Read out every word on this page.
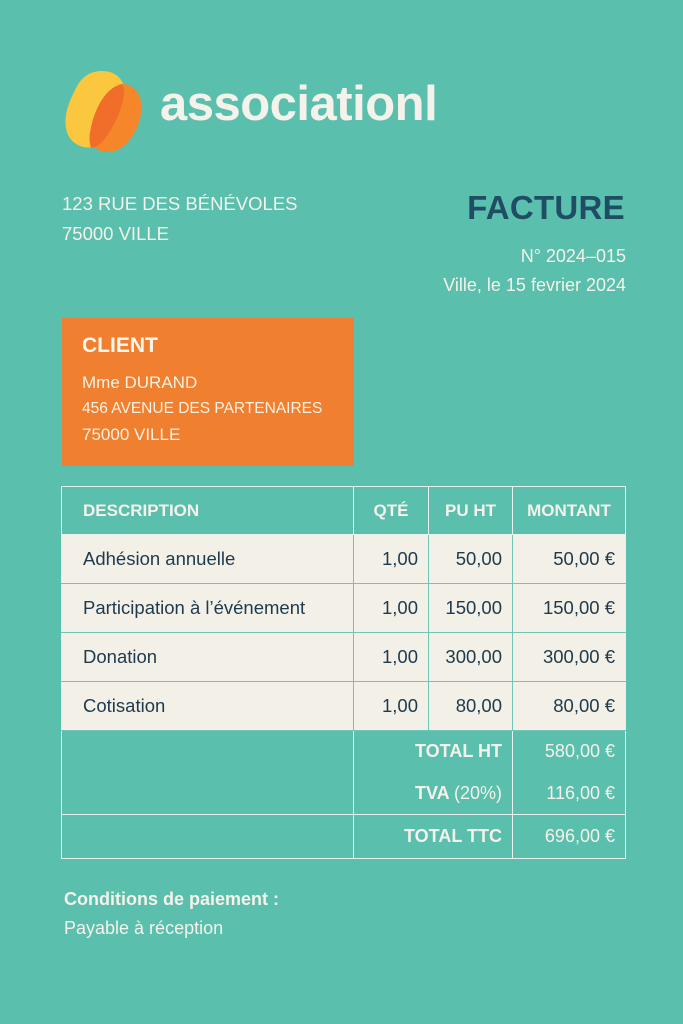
associationl
123 RUE DES BÉNÉVOLES
75000 VILLE
FACTURE
N° 2024–015
Ville, le 15 fevrier 2024
CLIENT
Mme DURAND
456 AVENUE DES PARTENAIRES
75000 VILLE
DESCRIPTION	QTÉ	PU HT	MONTANT
Adhésion annuelle	1,00	50,00	50,00 €
Participation à l’événement	1,00	150,00	150,00 €
Donation	1,00	300,00	300,00 €
Cotisation	1,00	80,00	80,00 €
	TOTAL HT		580,00 €
	TVA (20%)		116,00 €
	TOTAL TTC		696,00 €
Conditions de paiement :
Payable à réception
